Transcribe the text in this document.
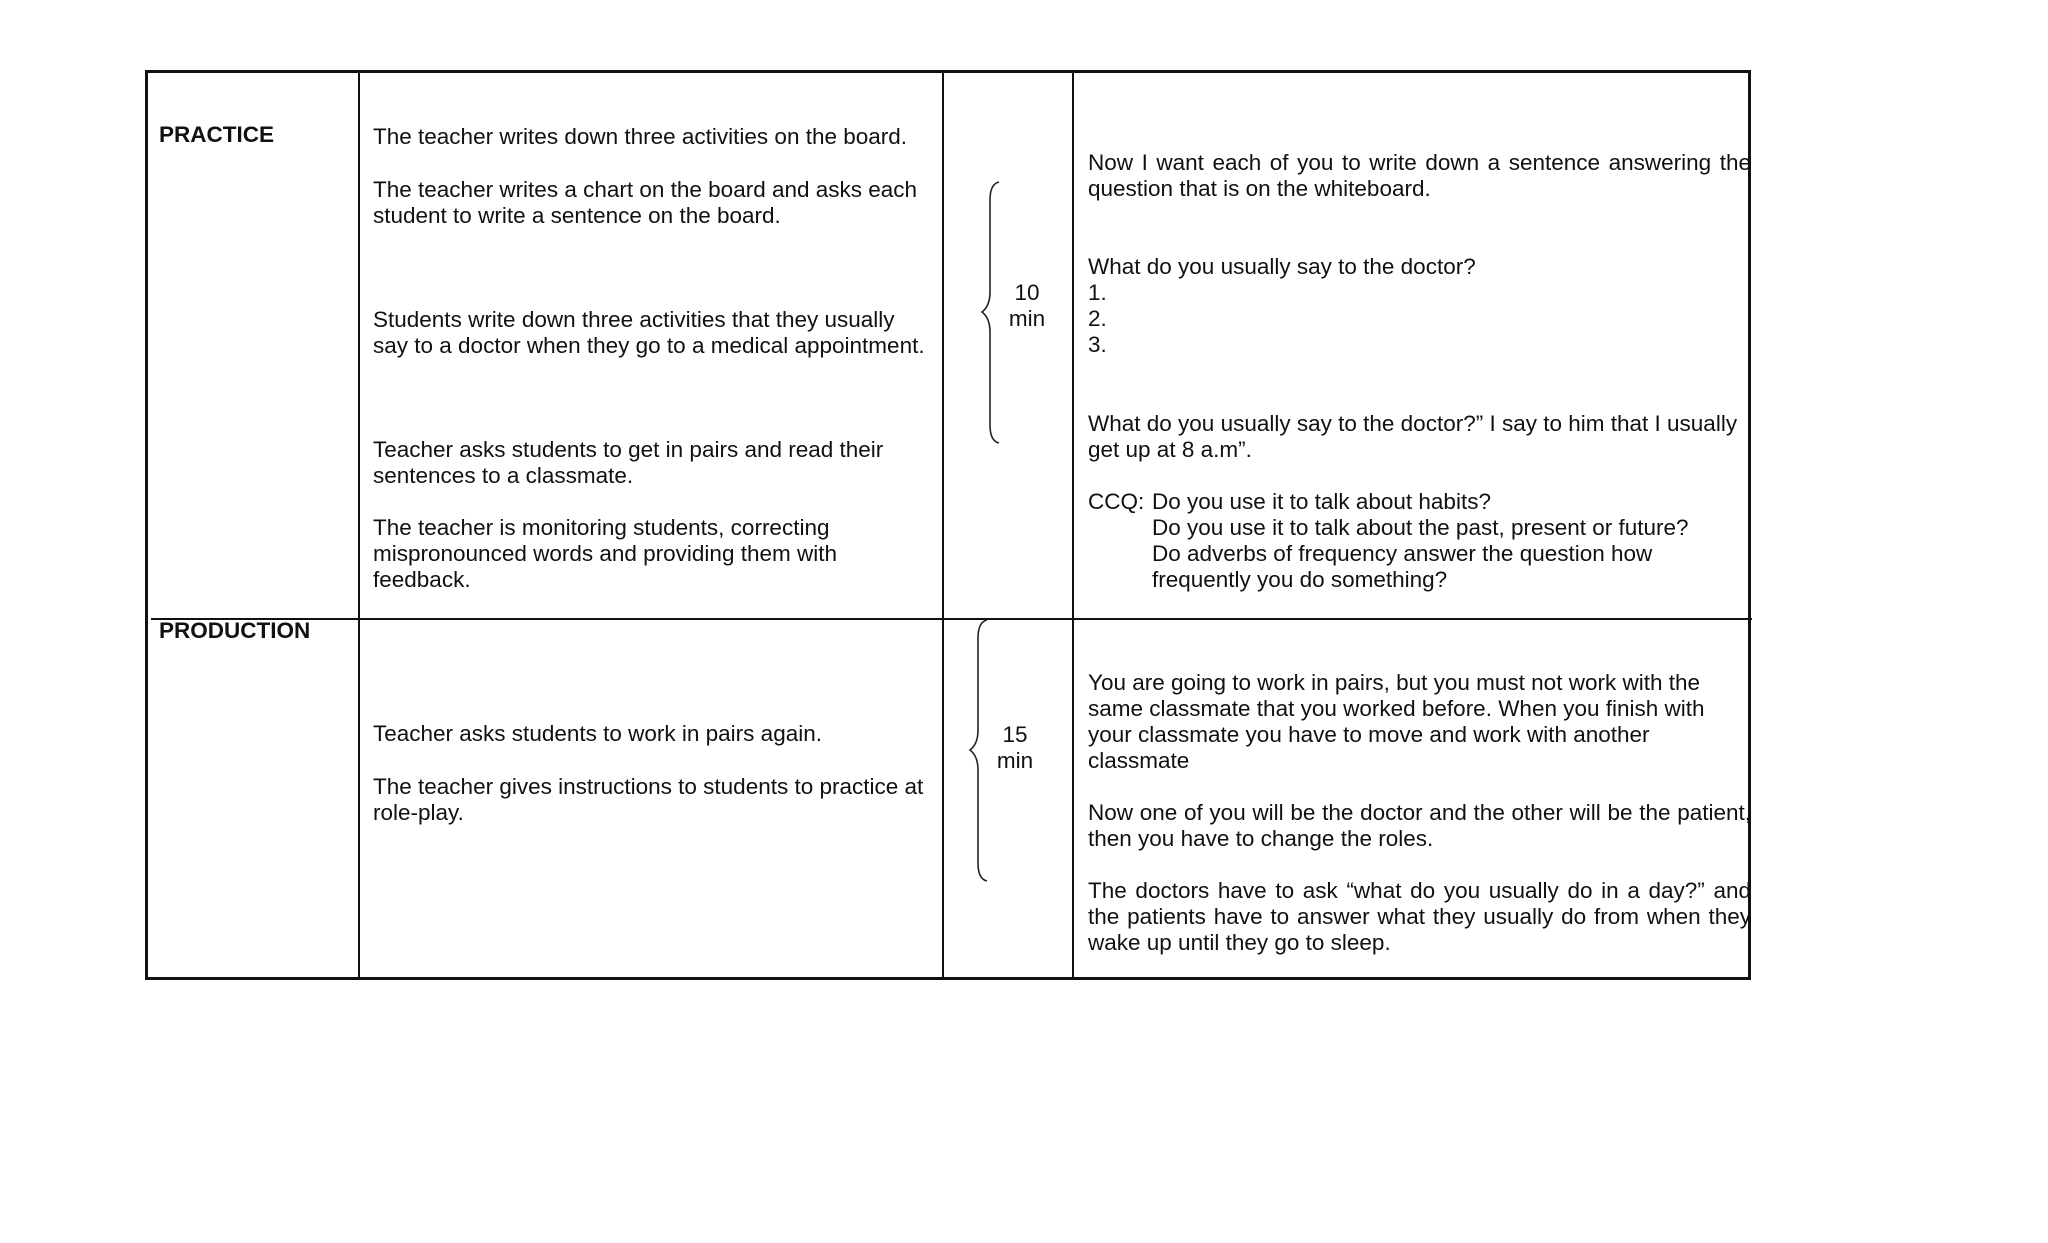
PRACTICE	The teacher writes down three activities on the board.
The teacher writes a chart on the board and asks each
student to write a sentence on the board.
Students write down three activities that they usually
say to a doctor when they go to a medical appointment.
Teacher asks students to get in pairs and read their
sentences to a classmate.
The teacher is monitoring students, correcting
mispronounced words and providing them with
feedback.
10
min
Now I want each of you to write down a sentence answering the
question that is on the whiteboard.
What do you usually say to the doctor?
1.
2.
3.
What do you usually say to the doctor?” I say to him that I usually
get up at 8 a.m”.
CCQ: Do you use it to talk about habits?
Do you use it to talk about the past, present or future?
Do adverbs of frequency answer the question how
frequently you do something?
PRODUCTION
Teacher asks students to work in pairs again.
The teacher gives instructions to students to practice at
role-play.
15
min
You are going to work in pairs, but you must not work with the
same classmate that you worked before. When you finish with
your classmate you have to move and work with another
classmate
Now one of you will be the doctor and the other will be the patient,
then you have to change the roles.
The doctors have to ask “what do you usually do in a day?” and
the patients have to answer what they usually do from when they
wake up until they go to sleep.
